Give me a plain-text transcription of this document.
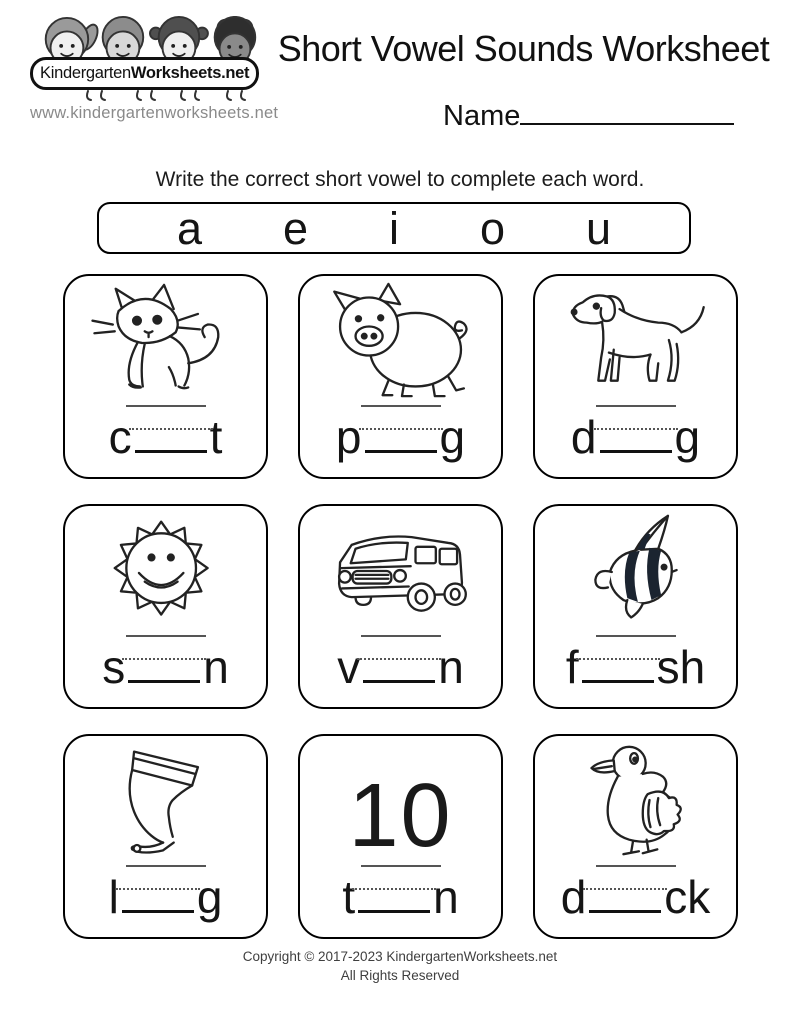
KindergartenWorksheets.net
www.kindergartenworksheets.net
Short Vowel Sounds Worksheet
Name
Write the correct short vowel to complete each word.
a e i o u
c t p g d g
s n v n f sh
l g
10
t n d ck
Copyright © 2017-2023 KindergartenWorksheets.net
All Rights Reserved
